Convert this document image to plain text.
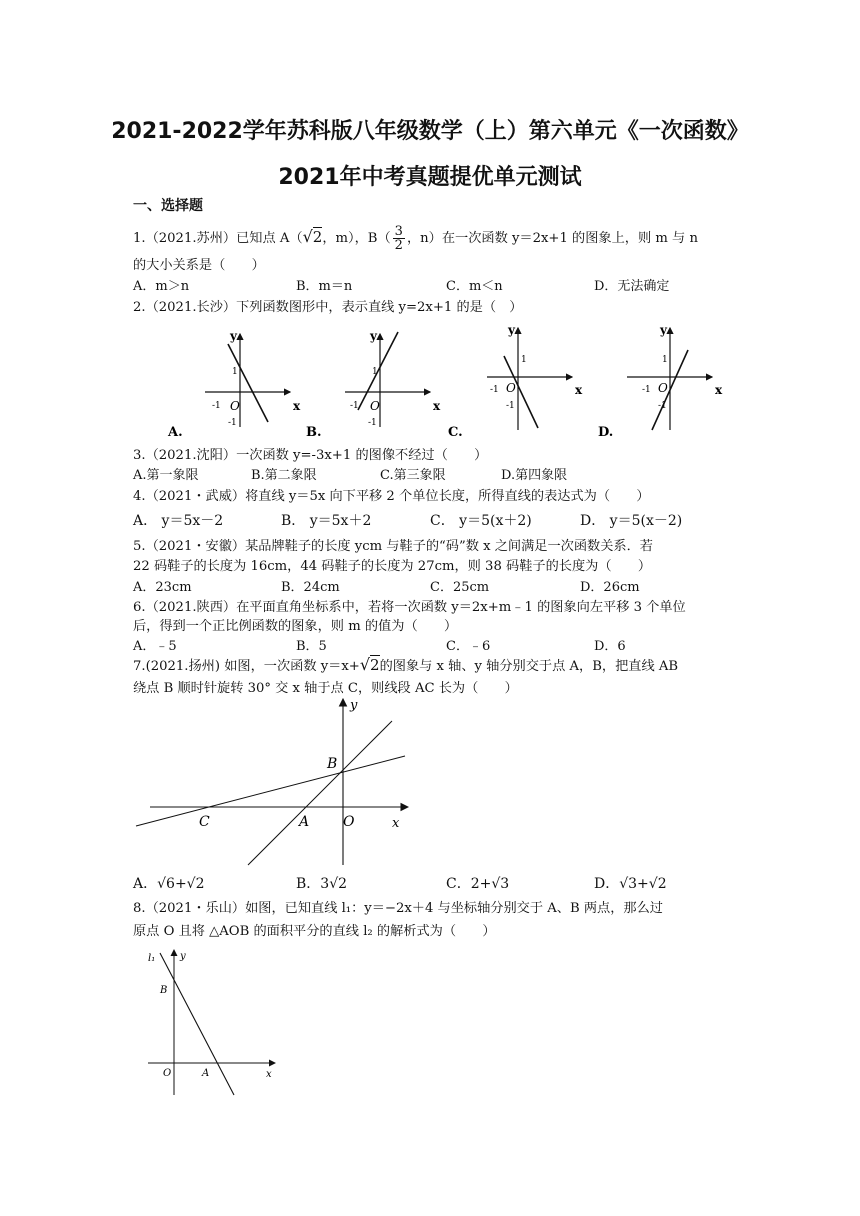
2021-2022学年苏科版八年级数学（上）第六单元《一次函数》
2021年中考真题提优单元测试
一、选择题
1.（2021.苏州）已知点 A（√2，m），$B( \frac{3}{2}$ ，n）在一次函数 y＝2x+1 的图象上，则 m 与 n
的大小关系是（　　）
A．m＞n	B．m＝n	C．m＜n	D．无法确定
2.（2021.长沙）下列函数图形中，表示直线 y=2x+1 的是（　）
y
x
O
1
-1
-1
A.
y
x
O
1
-1
-1
B.
y
x
O
1
-1
-1
C.
y
x
O
1
-1
-1
D.
3.（2021.沈阳）一次函数 y=-3x+1 的图像不经过（　　）
A.第一象限	B.第二象限	C.第三象限	D.第四象限
4.（2021・武威）将直线 y＝5x 向下平移 2 个单位长度，所得直线的表达式为（　　）
A． y＝5x－2	B． y＝5x＋2	C． y＝5(x＋2)	D． y＝5(x－2)
5.（2021・安徽）某品牌鞋子的长度 ycm 与鞋子的“码”数 x 之间满足一次函数关系．若
22 码鞋子的长度为 16cm，44 码鞋子的长度为 27cm，则 38 码鞋子的长度为（　　）
A．23cm	B．24cm	C．25cm	D．26cm
6.（2021.陕西）在平面直角坐标系中，若将一次函数 y＝2x+m﹣1 的图象向左平移 3 个单位
后，得到一个正比例函数的图象，则 m 的值为（　　）
A．﹣5	B．5	C．﹣6	D．6
7.(2021.扬州) 如图，一次函数 y＝x+√2的图象与 x 轴、y 轴分别交于点 A，B，把直线 AB
绕点 B 顺时针旋转 30° 交 x 轴于点 C，则线段 AC 长为（　　）
y
x
B
C	A O
A．√6+√2	B．3√2	C．2+√3	D．√3+√2
8.（2021・乐山）如图，已知直线 l₁：y＝−2x＋4 与坐标轴分别交于 A、B 两点，那么过
原点 O 且将 △AOB 的面积平分的直线 l₂ 的解析式为（　　）
l₁ y
x
B
O	A
